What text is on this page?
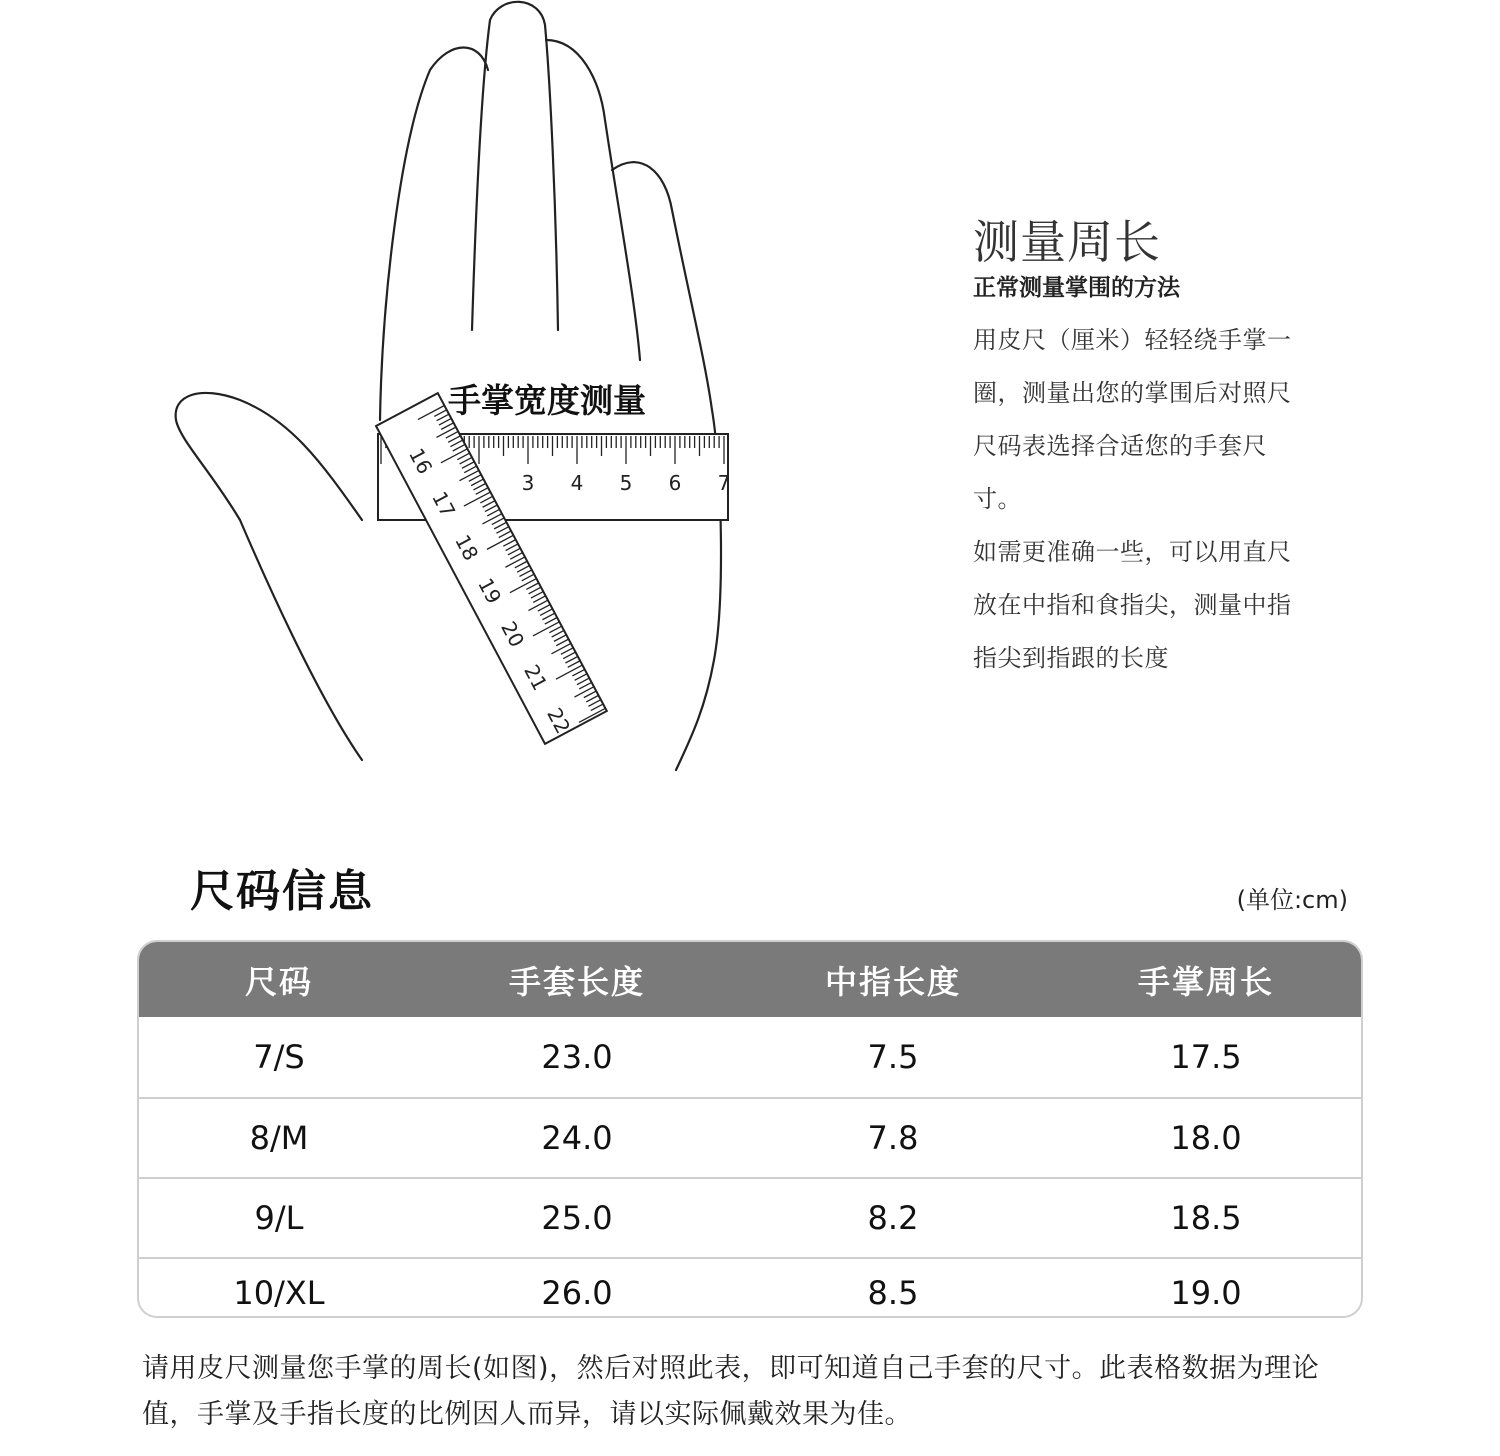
3 4 5 6 7
16
17
18
19
20
21
22
手掌宽度测量
测量周长
正常测量掌围的方法
用皮尺（厘米）轻轻绕手掌一圈，测量出您的掌围后对照尺尺码表选择合适您的手套尺寸。
如需更准确一些，可以用直尺放在中指和食指尖，测量中指指尖到指跟的长度
尺码信息	(单位:cm)
尺码	手套长度	中指长度	手掌周长
7/S	23.0	7.5	17.5
8/M	24.0	7.8	18.0
9/L	25.0	8.2	18.5
10/XL	26.0	8.5	19.0
请用皮尺测量您手掌的周长(如图)，然后对照此表，即可知道自己手套的尺寸。此表格数据为理论值，手掌及手指长度的比例因人而异，请以实际佩戴效果为佳。
